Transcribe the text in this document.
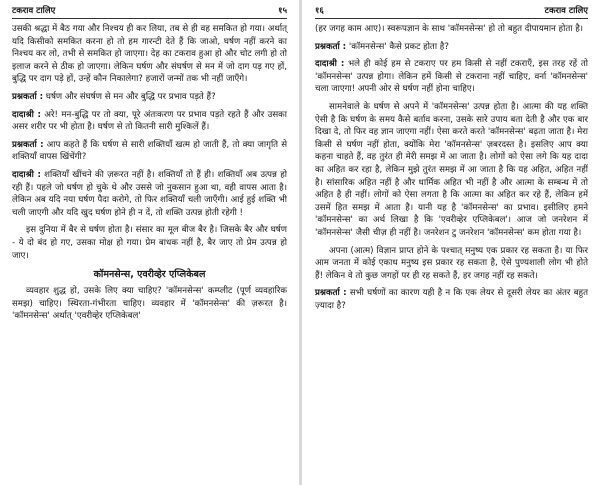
टकराव टालिए	१५

उसकी श्रद्धा में बैठ गया और निश्चय ही कर लिया, तब से ही वह समकित हो गया। अर्थात् यदि किसीको समकित करना हो तो हम गारन्टी देते हैं कि जाओ, घर्षण नहीं करने का निश्चय कर लो, तभी से समकित हो जाएगा। देह का टकराव हुआ हो और चोट लगी हो तो इलाज करने से ठीक हो जाएगा। लेकिन घर्षण और संघर्षण से मन में जो दाग पड़ गए हों, बुद्धि पर दाग पड़े हों, उन्हें कौन निकालेगा? हजारों जन्मों तक भी नहीं जाएँगे।

प्रश्नकर्ता : घर्षण और संघर्षण से मन और बुद्धि पर प्रभाव पड़ते हैं?

दादाश्री : अरे! मन-बुद्धि पर तो क्या, पूरे अंतःकरण पर प्रभाव पड़ते रहते हैं और उसका असर शरीर पर भी होता है। घर्षण से तो कितनी सारी मुश्किलें हैं।

प्रश्नकर्ता : आप कहते हैं कि घर्षण से सारी शक्तियाँ खत्म हो जाती हैं, तो क्या जागृति से शक्तियाँ वापस खिंचेंगी?

दादाश्री : शक्तियाँ खींचने की ज़रूरत नहीं है। शक्तियाँ तो हैं ही। शक्तियाँ अब उत्पन्न हो रही हैं। पहले जो घर्षण हो चुके थे और उससे जो नुकसान हुआ था, वही वापस आता है। लेकिन अब यदि नया घर्षण पैदा करोगे, तो फिर शक्तियाँ चली जाएँगी। आई हुई शक्ति भी चली जाएगी और यदि खुद घर्षण होने ही न दें, तो शक्ति उत्पन्न होती रहेगी !

इस दुनिया में बैर से घर्षण होता है। संसार का मूल बीज बैर है। जिसके बैर और घर्षण - ये दो बंद हो गए, उसका मोक्ष हो गया। प्रेम बाधक नहीं है, बैर जाए तो प्रेम उत्पन्न हो जाए।

कॉमनसेन्स, एवरीव्हेर एप्लिकेबल

व्यवहार शुद्ध हो, उसके लिए क्या चाहिए? 'कॉमनसेन्स' कम्प्लीट (पूर्ण व्यवहारिक समझ) चाहिए। स्थिरता-गंभीरता चाहिए। व्यवहार में 'कॉमनसेन्स' की ज़रूरत है। 'कॉमनसेन्स' अर्थात् 'एवरीव्हेर एप्लिकेबल'

१६	टकराव टालिए

(हर जगह काम आए)। स्वरूपज्ञान के साथ 'कॉमनसेन्स' हो तो बहुत दीपायमान होता है।

प्रश्नकर्ता : 'कॉमनसेन्स' कैसे प्रकट होता है?

दादाश्री : भले ही कोई हम से टकराए पर हम किसी से नहीं टकराएँ, इस तरह रहें तो 'कॉमनसेन्स' उत्पन्न होगा। लेकिन हमें किसी से टकराना नहीं चाहिए, वर्ना 'कॉमनसेन्स' चला जाएगा! अपनी ओर से घर्षण नहीं होना चाहिए।

सामनेवाले के घर्षण से अपने में 'कॉमनसेन्स' उत्पन्न होता है। आत्मा की यह शक्ति ऐसी है कि घर्षण के समय कैसे बर्ताव करना, उसके सारे उपाय बता देती है और एक बार दिखा दे, तो फिर वह ज्ञान जाएगा नहीं। ऐसा करते करते 'कॉमनसेन्स' बढ़ता जाता है। मेरा किसी से घर्षण नहीं होता, क्योंकि मेरा 'कॉमनसेन्स' ज़बरदस्त है। इसलिए आप क्या कहना चाहते हैं, वह तुरंत ही मेरी समझ में आ जाता है। लोगों को ऐसा लगे कि यह दादा का अहित कर रहा है, लेकिन मुझे तुरंत समझ में आ जाता है कि यह अहित, अहित नहीं है। सांसारिक अहित नहीं है और धार्मिक अहित भी नहीं है और आत्मा के सम्बन्ध में तो अहित है ही नहीं। लोगों को ऐसा लगता है कि आत्मा का अहित कर रहे हैं, लेकिन हमें उसमें हित समझ में आता है। यानी यह है 'कॉमनसेन्स' का प्रभाव। इसीलिए हमने 'कॉमनसेन्स' का अर्थ लिखा है कि 'एवरीव्हेर एप्लिकेबल'। आज जो जनरेशन में 'कॉमनसेन्स' जैसी चीज़ ही नहीं है। जनरेशन टु जनरेशन 'कॉमनसेन्स' कम होता गया है।

अपना (आत्म) विज्ञान प्राप्त होने के पश्चात् मनुष्य एक प्रकार रह सकता है। या फिर आम जनता में कोई एकाध मनुष्य इस प्रकार रह सकता है, ऐसे पुण्यशाली लोग भी होते हैं! लेकिन वे तो कुछ जगहों पर ही रह सकते हैं, हर जगह नहीं रह सकते।

प्रश्नकर्ता : सभी घर्षणों का कारण यही है न कि एक लेयर से दूसरी लेयर का अंतर बहुत ज़्यादा है?
